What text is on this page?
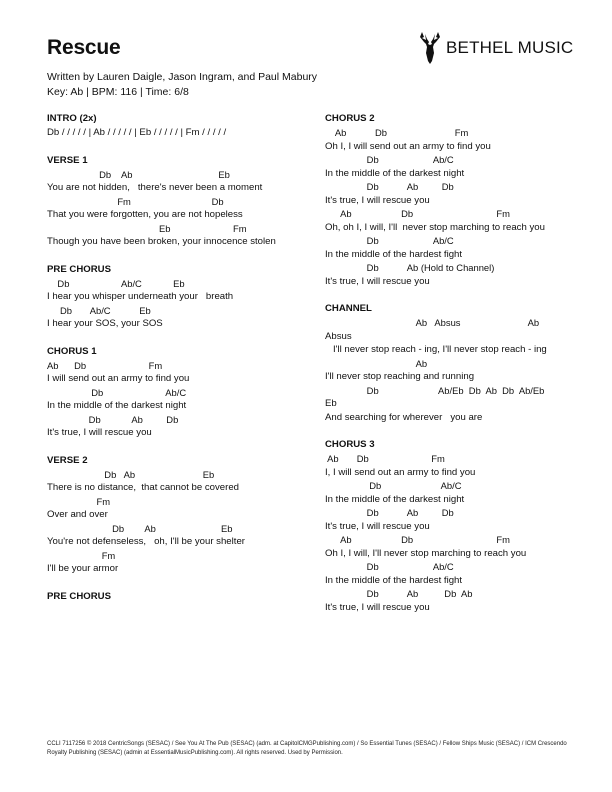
Rescue
Written by Lauren Daigle, Jason Ingram, and Paul Mabury
Key: Ab | BPM: 116 | Time: 6/8
BETHEL MUSIC
INTRO (2x)
Db / / / / / | Ab / / / / / | Eb / / / / / | Fm / / / / /
VERSE 1
Db    Ab                                 Eb
You are not hidden,   there's never been a moment
Fm                               Db
That you were forgotten, you are not hopeless
Eb                        Fm
Though you have been broken, your innocence stolen
PRE CHORUS
Db                    Ab/C            Eb
I hear you whisper underneath your   breath
Db       Ab/C           Eb
I hear your SOS, your SOS
CHORUS 1
Ab      Db                        Fm
I will send out an army to find you
Db                        Ab/C
In the middle of the darkest night
Db            Ab         Db
It's true, I will rescue you
VERSE 2
Db   Ab                          Eb
There is no distance,  that cannot be covered
Fm
Over and over
Db        Ab                         Eb
You're not defenseless,   oh, I'll be your shelter
Fm
I'll be your armor
PRE CHORUS
CHORUS 2
Ab           Db                          Fm
Oh I, I will send out an army to find you
Db                     Ab/C
In the middle of the darkest night
Db           Ab         Db
It's true, I will rescue you
Ab                   Db                                Fm
Oh, oh I, I will, I'll  never stop marching to reach you
Db                     Ab/C
In the middle of the hardest fight
Db           Ab (Hold to Channel)
It's true, I will rescue you
CHANNEL
Ab   Absus                          Ab
Absus
I'll never stop reach - ing, I'll never stop reach - ing
Ab
I'll never stop reaching and running
Db                       Ab/Eb  Db  Ab  Db  Ab/Eb
Eb
And searching for wherever   you are
CHORUS 3
Ab       Db                        Fm
I, I will send out an army to find you
Db                       Ab/C
In the middle of the darkest night
Db           Ab         Db
It's true, I will rescue you
Ab                   Db                                Fm
Oh I, I will, I'll never stop marching to reach you
Db                     Ab/C
In the middle of the hardest fight
Db           Ab          Db  Ab
It's true, I will rescue you
CCLI 7117256 © 2018 CentricSongs (SESAC) / See You At The Pub (SESAC) (adm. at CapitolCMGPublishing.com) / So Essential Tunes (SESAC) / Fellow Ships Music (SESAC) / ICM Crescendo Royalty Publishing (SESAC) (admin at EssentialMusicPublishing.com). All rights reserved. Used by Permission.
